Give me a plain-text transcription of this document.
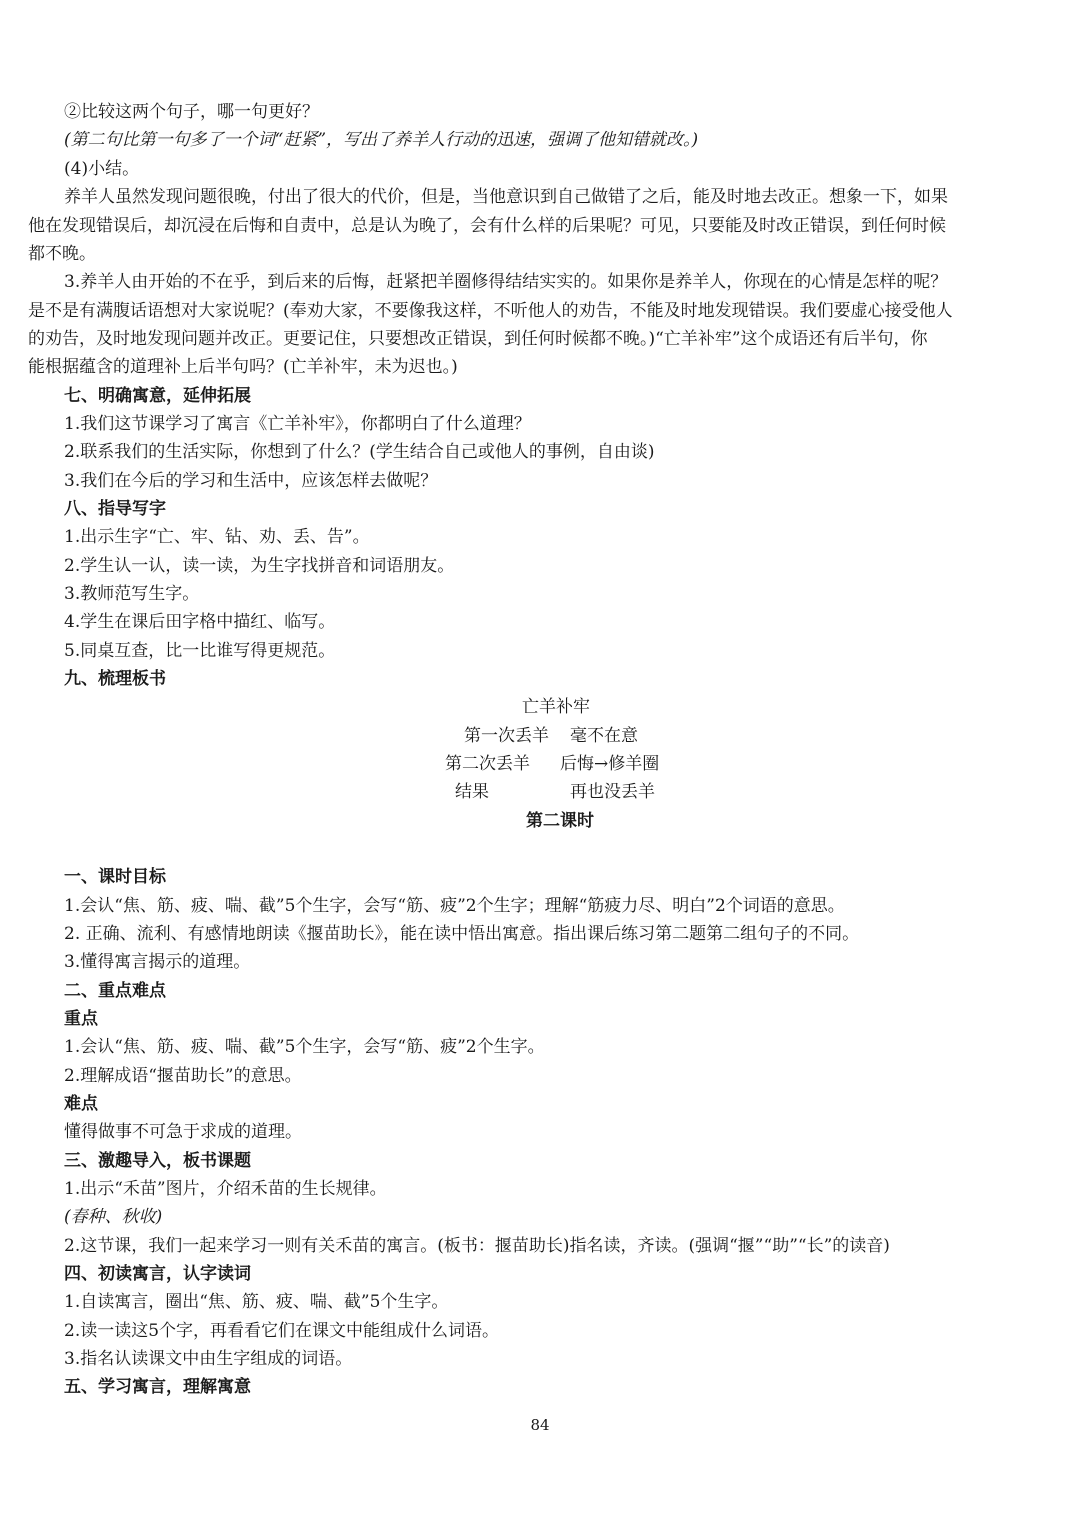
②比较这两个句子，哪一句更好？
(第二句比第一句多了一个词“赶紧”，写出了养羊人行动的迅速，强调了他知错就改。)
(4)小结。
养羊人虽然发现问题很晚，付出了很大的代价，但是，当他意识到自己做错了之后，能及时地去改正。想象一下，如果
他在发现错误后，却沉浸在后悔和自责中，总是认为晚了，会有什么样的后果呢？可见，只要能及时改正错误，到任何时候
都不晚。
3.养羊人由开始的不在乎，到后来的后悔，赶紧把羊圈修得结结实实的。如果你是养羊人，你现在的心情是怎样的呢？
是不是有满腹话语想对大家说呢？(奉劝大家，不要像我这样，不听他人的劝告，不能及时地发现错误。我们要虚心接受他人
的劝告，及时地发现问题并改正。更要记住，只要想改正错误，到任何时候都不晚。)“亡羊补牢”这个成语还有后半句，你
能根据蕴含的道理补上后半句吗？(亡羊补牢，未为迟也。)
七、明确寓意，延伸拓展
1.我们这节课学习了寓言《亡羊补牢》，你都明白了什么道理？
2.联系我们的生活实际，你想到了什么？(学生结合自己或他人的事例，自由谈)
3.我们在今后的学习和生活中，应该怎样去做呢？
八、指导写字
1.出示生字“亡、牢、钻、劝、丢、告”。
2.学生认一认，读一读，为生字找拼音和词语朋友。
3.教师范写生字。
4.学生在课后田字格中描红、临写。
5.同桌互查，比一比谁写得更规范。
九、梳理板书
亡羊补牢
第一次丢羊 毫不在意
第二次丢羊 后悔→修羊圈
结果	再也没丢羊
第二课时
一、课时目标
1.会认“焦、筋、疲、喘、截”5个生字，会写“筋、疲”2个生字；理解“筋疲力尽、明白”2个词语的意思。
2. 正确、流利、有感情地朗读《揠苗助长》，能在读中悟出寓意。指出课后练习第二题第二组句子的不同。
3.懂得寓言揭示的道理。
二、重点难点
重点
1.会认“焦、筋、疲、喘、截”5个生字，会写“筋、疲”2个生字。
2.理解成语“揠苗助长”的意思。
难点
懂得做事不可急于求成的道理。
三、激趣导入，板书课题
1.出示“禾苗”图片，介绍禾苗的生长规律。
(春种、秋收)
2.这节课，我们一起来学习一则有关禾苗的寓言。(板书：揠苗助长)指名读，齐读。(强调“揠”“助”“长”的读音)
四、初读寓言，认字读词
1.自读寓言，圈出“焦、筋、疲、喘、截”5个生字。
2.读一读这5个字，再看看它们在课文中能组成什么词语。
3.指名认读课文中由生字组成的词语。
五、学习寓言，理解寓意
84
